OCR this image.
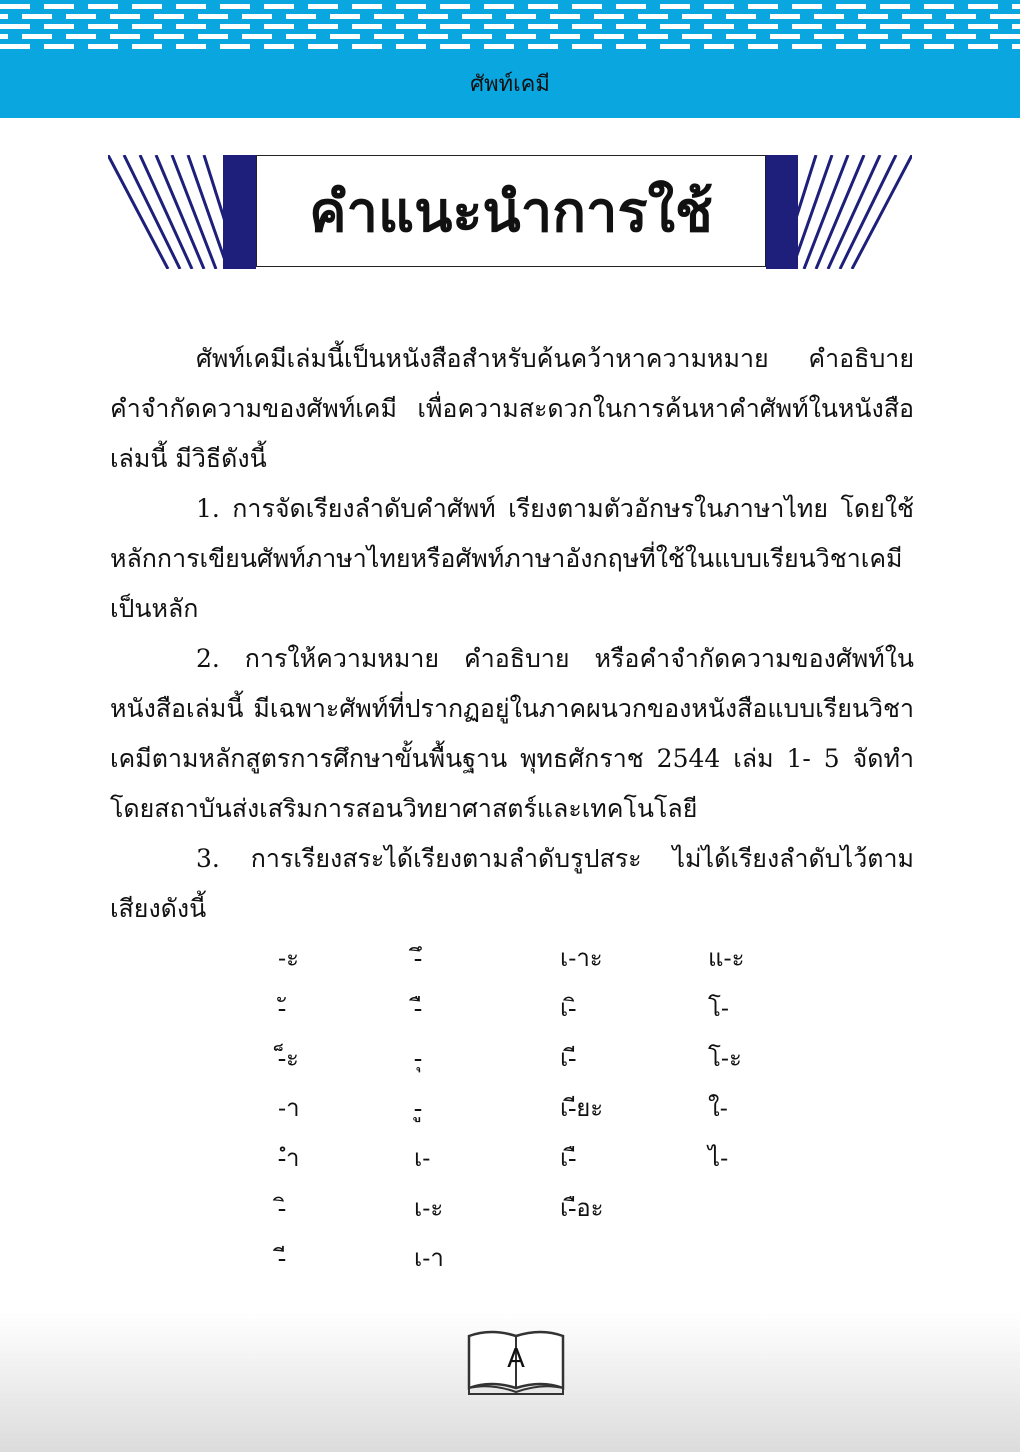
ศัพท์เคมี
คำแนะนำการใช้

ศัพท์เคมีเล่มนี้เป็นหนังสือสำหรับค้นคว้าหาความหมาย คำอธิบาย คำจำกัดความของศัพท์เคมี เพื่อความสะดวกในการค้นหาคำศัพท์ในหนังสือเล่มนี้ มีวิธีดังนี้

1. การจัดเรียงลำดับคำศัพท์ เรียงตามตัวอักษรในภาษาไทย โดยใช้หลักการเขียนศัพท์ภาษาไทยหรือศัพท์ภาษาอังกฤษที่ใช้ในแบบเรียนวิชาเคมีเป็นหลัก

2. การให้ความหมาย คำอธิบาย หรือคำจำกัดความของศัพท์ในหนังสือเล่มนี้ มีเฉพาะศัพท์ที่ปรากฏอยู่ในภาคผนวกของหนังสือแบบเรียนวิชาเคมีตามหลักสูตรการศึกษาขั้นพื้นฐาน พุทธศักราช 2544 เล่ม 1- 5 จัดทำโดยสถาบันส่งเสริมการสอนวิทยาศาสตร์และเทคโนโลยี

3. การเรียงสระได้เรียงตามลำดับรูปสระ ไม่ได้เรียงลำดับไว้ตามเสียงดังนี้

-ะ	-ึ	เ-าะ	แ-ะ
-ั	-ื	เ-ิ	โ-
-็ะ	-ุ	เ-ี	โ-ะ
-า	-ู	เ-ียะ	ใ-
-ำ	เ-	เ-ื	ไ-
-ิ	เ-ะ	เ-ือะ
-ี	เ-า
A
